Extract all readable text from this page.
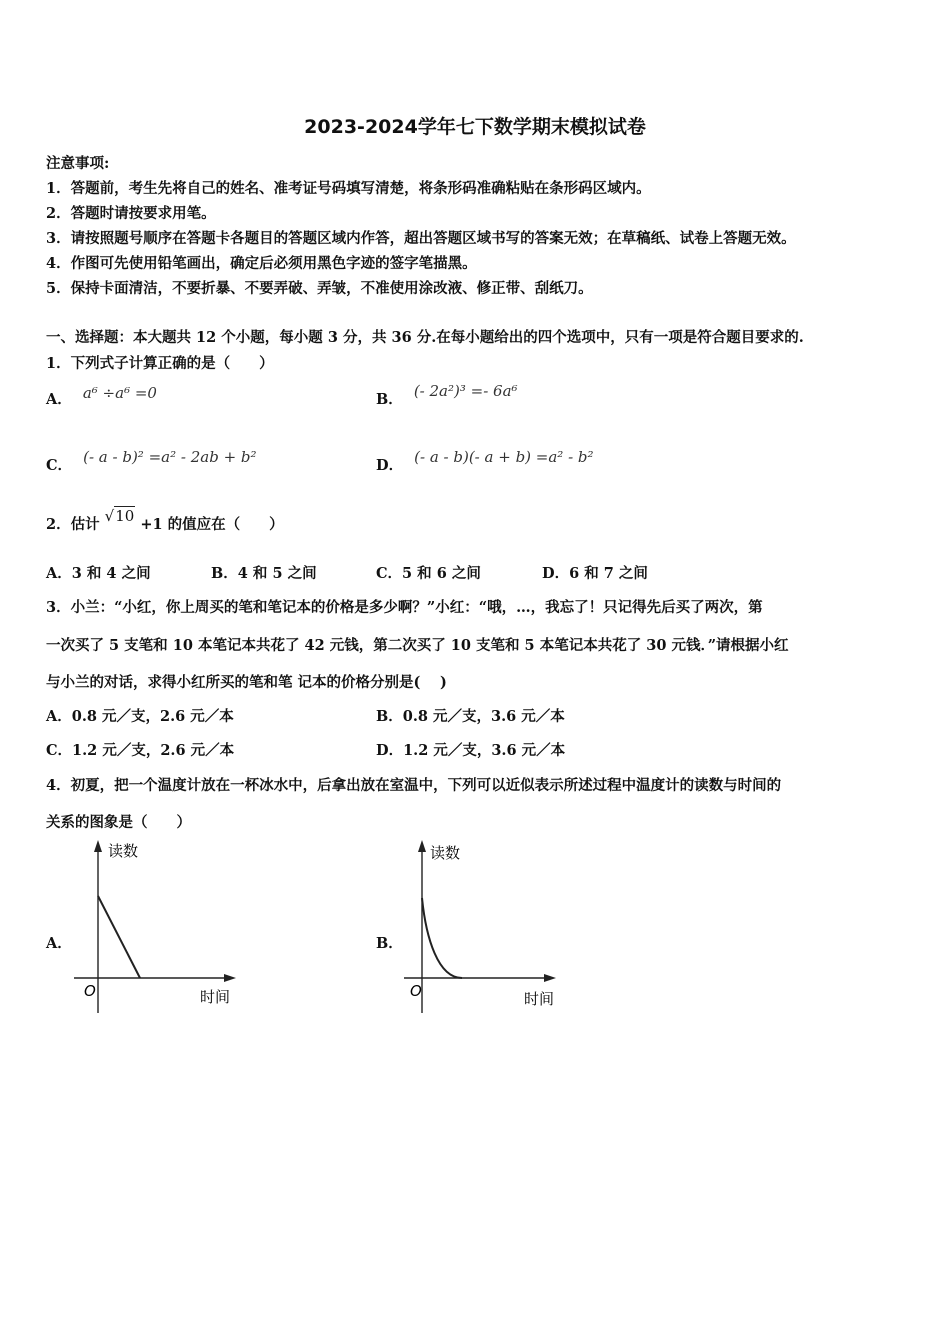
2023-2024学年七下数学期末模拟试卷
注意事项:
1．答题前，考生先将自己的姓名、准考证号码填写清楚，将条形码准确粘贴在条形码区域内。
2．答题时请按要求用笔。
3．请按照题号顺序在答题卡各题目的答题区域内作答，超出答题区域书写的答案无效；在草稿纸、试卷上答题无效。
4．作图可先使用铅笔画出，确定后必须用黑色字迹的签字笔描黑。
5．保持卡面清洁，不要折暴、不要弄破、弄皱，不准使用涂改液、修正带、刮纸刀。
一、选择题：本大题共 12 个小题，每小题 3 分，共 36 分.在每小题给出的四个选项中，只有一项是符合题目要求的.
1．下列式子计算正确的是（　　）
A． a⁶ ÷a⁶ =0	B． (- 2a²)³ =- 6a⁶
C． (- a - b)² =a² - 2ab + b²	D． (- a - b)(- a + b) =a² - b²
2．估计 √10 +1 的值应在（　　）
A．3 和 4 之间	B．4 和 5 之间	C．5 和 6 之间	D．6 和 7 之间
3．小兰：“小红，你上周买的笔和笔记本的价格是多少啊？”小红：“哦，…，我忘了！只记得先后买了两次，第
一次买了 5 支笔和 10 本笔记本共花了 42 元钱，第二次买了 10 支笔和 5 本笔记本共花了 30 元钱．”请根据小红
与小兰的对话，求得小红所买的笔和笔 记本的价格分别是(　 )
A．0.8 元／支，2.6 元／本	B．0.8 元／支，3.6 元／本
C．1.2 元／支，2.6 元／本	D．1.2 元／支，3.6 元／本
4．初夏，把一个温度计放在一杯冰水中，后拿出放在室温中，下列可以近似表示所述过程中温度计的读数与时间的
关系的图象是（　　）
A．
读数
时间
O
B．
读数
时间
O
